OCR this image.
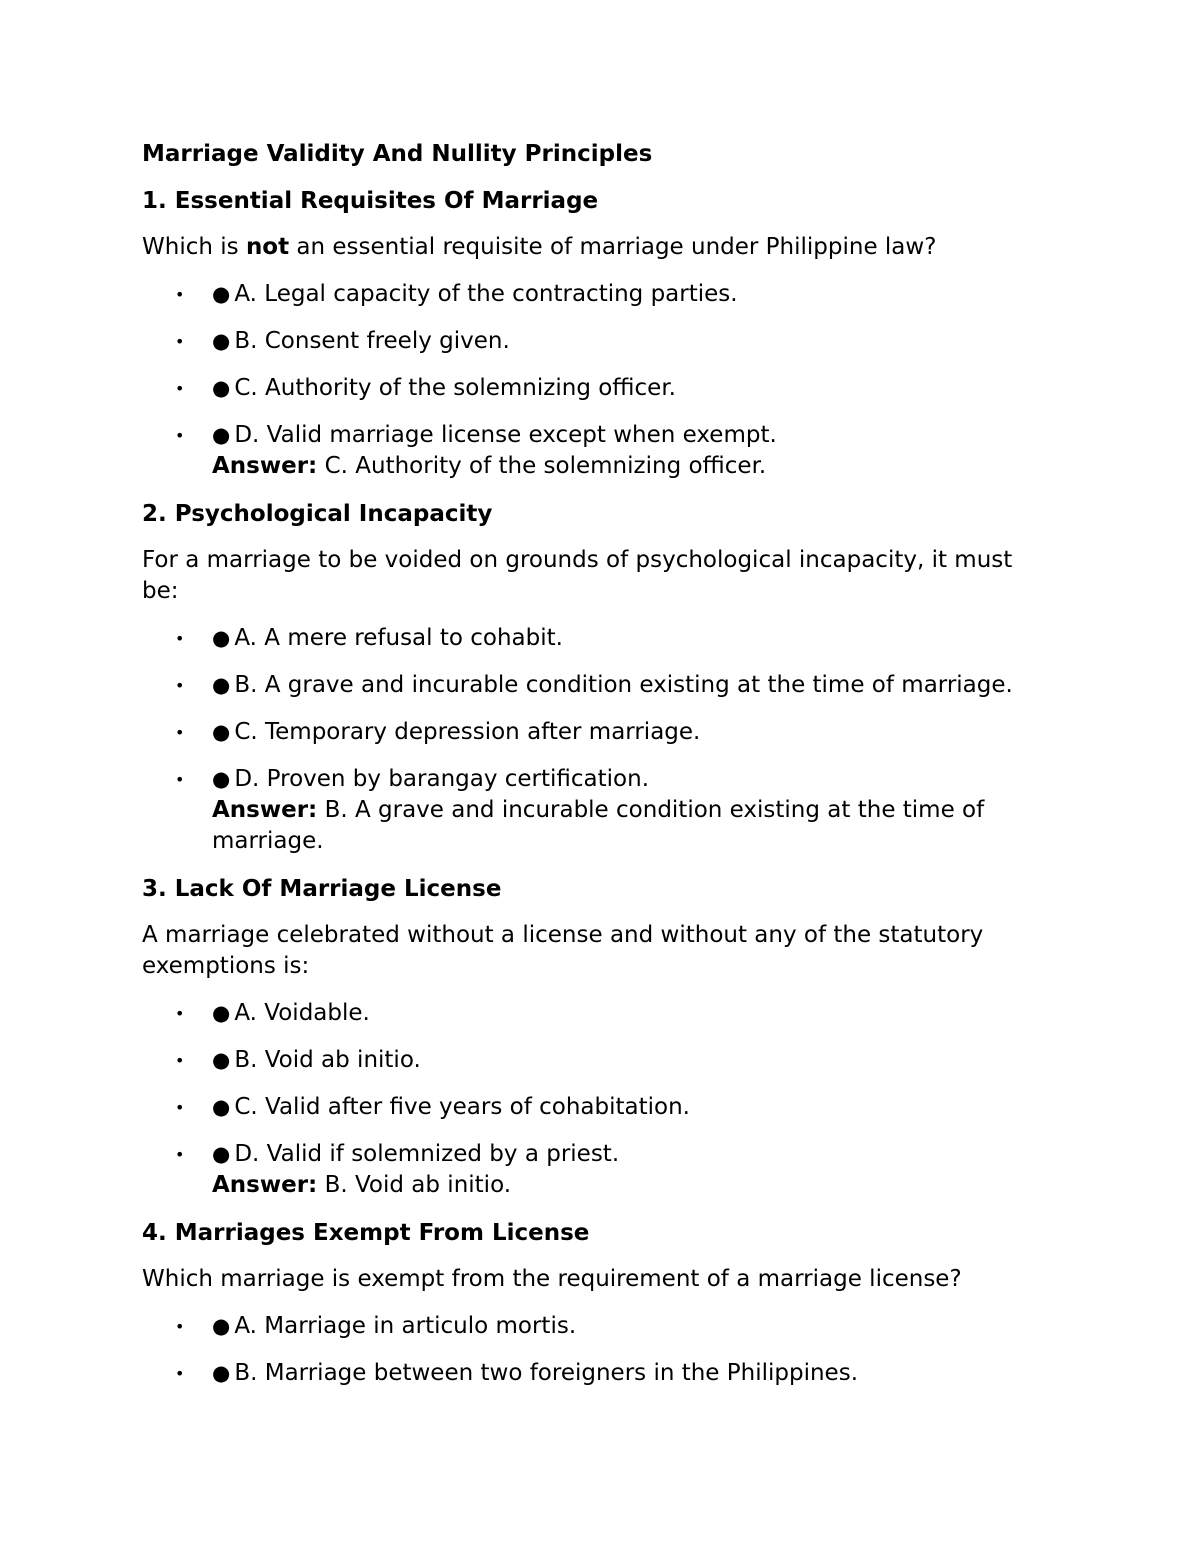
Marriage Validity And Nullity Principles
1. Essential Requisites Of Marriage
Which is not an essential requisite of marriage under Philippine law?
• ● A. Legal capacity of the contracting parties.
• ● B. Consent freely given.
• ● C. Authority of the solemnizing officer.
• ● D. Valid marriage license except when exempt.
Answer: C. Authority of the solemnizing officer.
2. Psychological Incapacity
For a marriage to be voided on grounds of psychological incapacity, it must be:
• ● A. A mere refusal to cohabit.
• ● B. A grave and incurable condition existing at the time of marriage.
• ● C. Temporary depression after marriage.
• ● D. Proven by barangay certification.
Answer: B. A grave and incurable condition existing at the time of marriage.
3. Lack Of Marriage License
A marriage celebrated without a license and without any of the statutory exemptions is:
• ● A. Voidable.
• ● B. Void ab initio.
• ● C. Valid after five years of cohabitation.
• ● D. Valid if solemnized by a priest.
Answer: B. Void ab initio.
4. Marriages Exempt From License
Which marriage is exempt from the requirement of a marriage license?
• ● A. Marriage in articulo mortis.
• ● B. Marriage between two foreigners in the Philippines.
